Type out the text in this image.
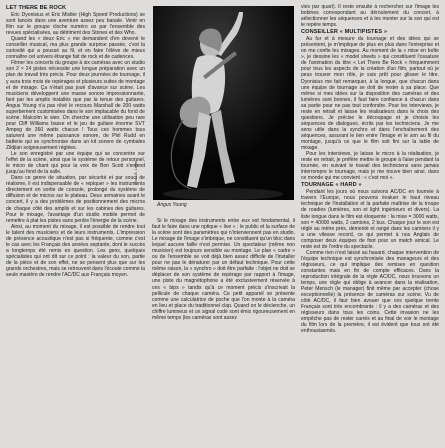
LET THERE BE ROCK

Eric Dyonisius et Eric Mistler (High Speed Productions) se sont lancés dans une aventure assez peu banale. Venir en film sur le groupe cloche numéro un par l'ensemble des revues spécialisées, au détriment des Stones et des Who.

Quand les « deux Eric » me demandent d'en devenir le conseiller musical, ma plus grande surprise passée, c'est la curiosité qui a poussé au fil, et en faire l'élève de mieux connaître cet univers étrange fait de rock et de cadences.

Filmer les concerts du groupe à six caméras avec un studio son 2 × 24 pistes nécessite une longue préparation avec un plan de travail très précis. Pour deux journées de tournage, il y aura trois mois de repérages et plusieurs suites de montage et de mixage. Ça n'était pas joué d'avance sur scène. Les musiciens développent une masse sonore impressionnante, fant par les amplis installés que par la tenue des guitares. Angus Young n'a pas rêvé le recours Marshall de 200 watts superbement customisées dans le son implacable du fond de scène. Malcolm le sien. On cherche une utilisation peu rare pour Cliff Williams basse et le jeu de guitare énorme SVT Ampeg de 360 watts chacun ! Tous ces hommes tous saturent une même puissance sonore, de Phil Rudd en batterie qui se synchronise dans un kit sonore de cymbales Zildjian soigneusement réglées.

Le son enregistré par une équipe qui se concentre sur l'effet de la scène, ainsi que le système de retour personnel, le micro de chant qui pour la voix de Bon Scott s'entend jusqu'au fond de la salle.

Dans ce genre de situation, par sécurité et par souci de réalisme, il est indispensable de « repiquer » les instruments directement en sortie de console, prolongé du système de diffusion et de micros sur le plateau. Deux semaines avant le concert, il y a des problèmes de positionnement des micros de chaque côté des amplis et sur les cabines des guitares. Pour le mixage, l'avantage d'un studio mobile permet de remettre à plat les pistes sans perdre l'énergie de la scène.

Ainsi, au moment du mixage, il est possible de rendre tout le talent des musiciens et de leurs instruments. L'impression de présence acoustique n'est pas si fréquente, comme c'est le cas avec les Français des années septante, dont le succès a longtemps été remis en question. Les gens, quelques spécialistes qui ont dit sur ce point : la valeur du son, partie de la pièce et de son effet, ne se pensent plus que sur les grands orchestres, mais se retrouvent dans l'écoute comme la seule manière de rendre l'AC/DC aux Français moyen.

Photo B. Legos
Angus Young

Si le mixage des instruments entre eux est fondamental, il faut le faire dans une optique « live » : le public et la surface de la scène sont des paramètres qui n'interviennent pas en studio. Le mixage de l'image s'imbrique, ne constituent qu'un bloc dans lequel aucune faille n'est permise. Un spectateur (même non musicien) est toujours sensible au montage. Le plan « cadre » ou de l'ensemble se voit déjà bien assez difficile de l'installer pour ne pas le dénaturer par un défaut technique. Pour cette même raison, la « synchro » doit être parfaite : l'objet ne doit se déplacer de son système de repérage par rapport à l'image, une piste du magnétophone a été exclusivement réservée à ces « bips » tandis qu'à ce moment précis s'inscrivait la pellicule de chaque caméra. Ce petit appareil se présente comme une calculatrice de poche que l'on monte à la caméra en lieu et place du traditionnel clap. Quand on le déclenche, un chiffre lumineux et un signal codé sont émis rigoureusement en même temps (les caméras sont assez

vies par quart). Il reste ensuite à rechercher sur l'image les bobines correspondant au déroulement du concert, à sélectionner les séquences et à les monter sur la son qui est le repère temps.

CONSEILLER « MULTIPISTES »

Au fur et à mesure du tournage et des idées qui se présentent, je m'implique de plus en plus dans l'entreprise et on me confie les mixages. Au moment de la « mise en boîte », je dessine les « model sheets » qui constituent l'ossature de l'animation du titre « Let There Be Rock » fréquemment pour tous les aspects de la création d'un film, partout où je peux trouver mon rôle, je suis prêt pour glisser le titre. Dyonisius me fait remarquer, à la longue, que chacun dans une équipe de tournage se doit de rester à sa place. Que même si mes idées sur la disposition des caméras et des lumières sont bonnes, il faut faire confiance à chacun dans sa partie pour ne pas tout confondre. Pour les interviews, je reste en retrait et laisse les réalisateurs dans le choix des questions. Je précise le découpage et je choisis les séquences de dialogues, écrits par les techniciens. Je me sens utile dans la synchro et dans l'enchaînement des séquences, assurant le lien entre l'image et le son au fil du montage, jusqu'à ce que le film soit fini sur la table de mixage.

Pour les interviews, je laisse le micro à la réalisation, je reste en retrait, je préfère mettre le groupe à l'aise pendant la tournée, en suivant le travail des techniciens sans jamais interrompre le tournage, mais je me trouve bien ainsi, dans ce monde qui me convient : « c'est moi ».

TOURNAGE « HARD »

Pendant les jours où nous suivons AC/DC en tournée à travers l'Europe, nous pouvons évaluer le haut niveau technique de l'installation et la parfaite maîtrise de la troupe de roadies (lumières, son et light ingénieurs et divers). La liste longue dans le film est éloquente : la mixe = 3000 watts, son = 40000 watts, 2 camions, 2 bus. Chaque jour le son est réglé au mètre près, démonté et rangé dans les camions il y a une vitesse record, ce qui permet à nos Anglais de composer deux équipes de foot pour un match amical. Le reste est de l'ordre du spectacle.

Comme rien n'est laissé au hasard, chaque intervention de l'équipe technique est synchronisée des manageurs et des régisseurs, ce qui implique des remises en question constantes mais en fin de compte efficaces. Dans la reproduction intégrale de la règle AC/DC, nous trouvons un temps, une règle qui oblige à avancer dans la réalisation, Peter Mensch (le manager) finit même par accepter (chose exceptionnelle) la présence de caméras sur scène. Vu de côté AC/DC, il faut bien avouer que ces quelque trente Français sont très encombrants : il y a des caméras et des régisseurs dans tous les coins. Cette invasion ne les empêche pas de rester carrés et au final de voir le montage du film lors de la première, il est évident que tous ont été enthousiasmés.
